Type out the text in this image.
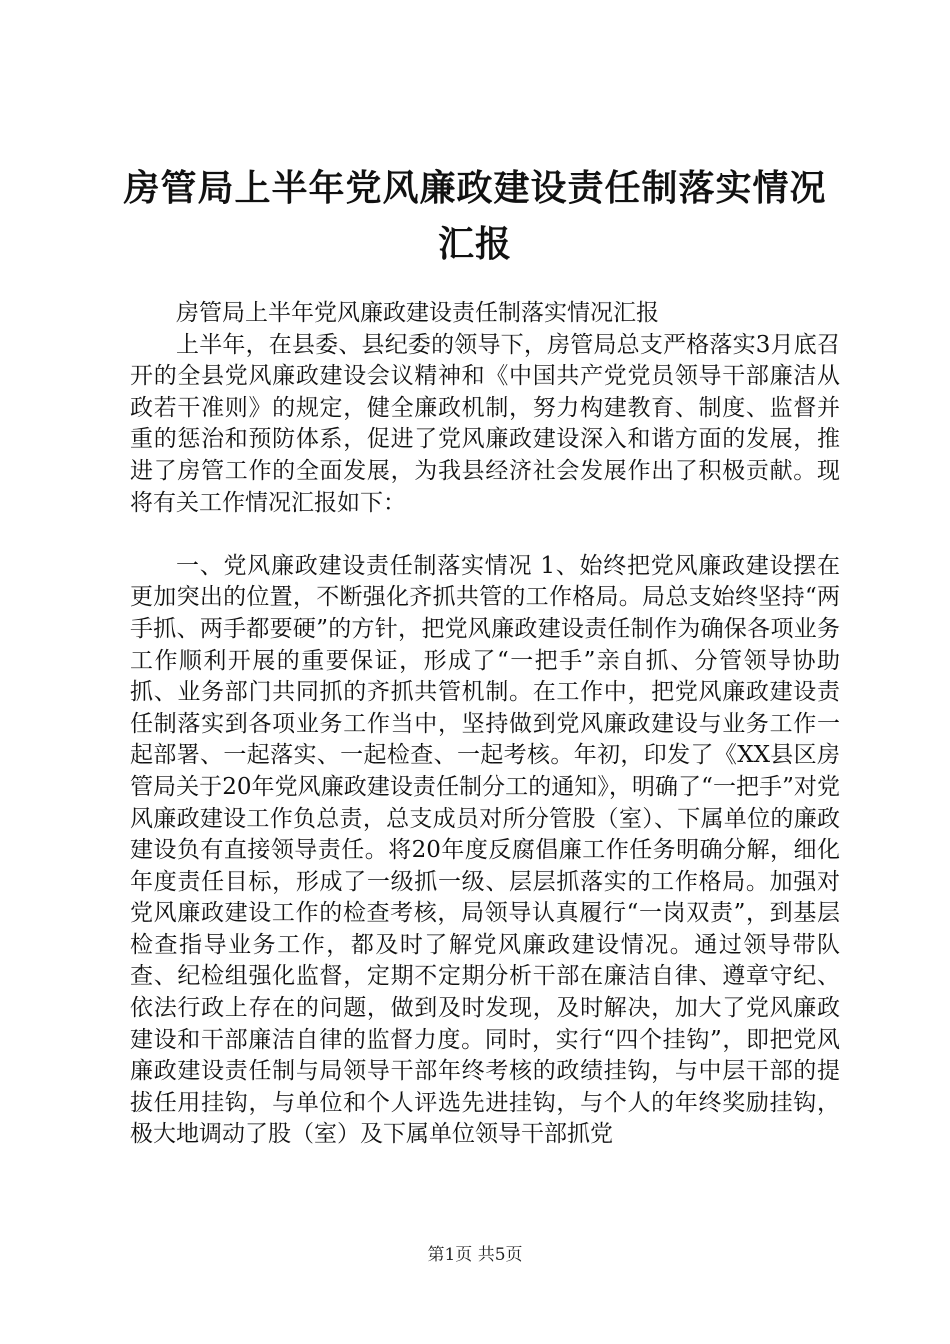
房管局上半年党风廉政建设责任制落实情况汇报

房管局上半年党风廉政建设责任制落实情况汇报

上半年，在县委、县纪委的领导下，房管局总支严格落实3月底召开的全县党风廉政建设会议精神和《中国共产党党员领导干部廉洁从政若干准则》的规定，健全廉政机制，努力构建教育、制度、监督并重的惩治和预防体系，促进了党风廉政建设深入和谐方面的发展，推进了房管工作的全面发展，为我县经济社会发展作出了积极贡献。现将有关工作情况汇报如下：

一、党风廉政建设责任制落实情况 1、始终把党风廉政建设摆在更加突出的位置，不断强化齐抓共管的工作格局。局总支始终坚持“两手抓、两手都要硬”的方针，把党风廉政建设责任制作为确保各项业务工作顺利开展的重要保证，形成了“一把手”亲自抓、分管领导协助抓、业务部门共同抓的齐抓共管机制。在工作中，把党风廉政建设责任制落实到各项业务工作当中，坚持做到党风廉政建设与业务工作一起部署、一起落实、一起检查、一起考核。年初，印发了《XX县区房管局关于20年党风廉政建设责任制分工的通知》，明确了“一把手”对党风廉政建设工作负总责，总支成员对所分管股（室）、下属单位的廉政建设负有直接领导责任。将20年度反腐倡廉工作任务明确分解，细化年度责任目标，形成了一级抓一级、层层抓落实的工作格局。加强对党风廉政建设工作的检查考核，局领导认真履行“一岗双责”，到基层检查指导业务工作，都及时了解党风廉政建设情况。通过领导带队查、纪检组强化监督，定期不定期分析干部在廉洁自律、遵章守纪、依法行政上存在的问题，做到及时发现，及时解决，加大了党风廉政建设和干部廉洁自律的监督力度。同时，实行“四个挂钩”，即把党风廉政建设责任制与局领导干部年终考核的政绩挂钩，与中层干部的提拔任用挂钩，与单位和个人评选先进挂钩，与个人的年终奖励挂钩，极大地调动了股（室）及下属单位领导干部抓党

第1页 共5页
